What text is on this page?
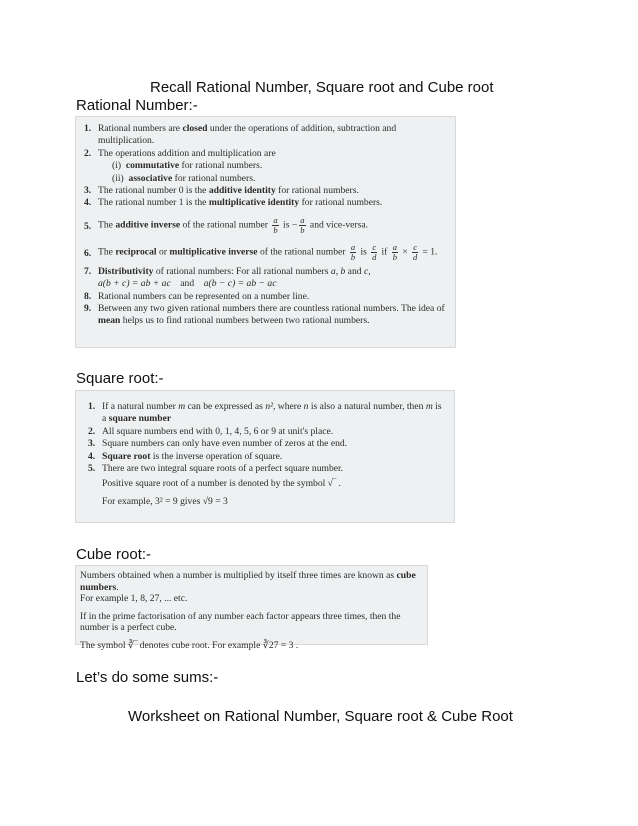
Recall Rational Number, Square root and Cube root
Rational Number:-
1. Rational numbers are closed under the operations of addition, subtraction and multiplication.
2. The operations addition and multiplication are
(i) commutative for rational numbers.
(ii) associative for rational numbers.
3. The rational number 0 is the additive identity for rational numbers.
4. The rational number 1 is the multiplicative identity for rational numbers.
5. The additive inverse of the rational number $\frac{a}{b}$ is − $\frac{a}{b}$ and vice-versa.
6. The reciprocal or multiplicative inverse of the rational number $\frac{a}{b}$ is $\frac{c}{d}$ if $\frac{a}{b} \times \frac{c}{d} = 1$.
7. Distributivity of rational numbers: For all rational numbers a, b and c,
a(b + c) = ab + ac and a(b − c) = ab − ac
8. Rational numbers can be represented on a number line.
9. Between any two given rational numbers there are countless rational numbers. The idea of mean helps us to find rational numbers between two rational numbers.
Square root:-
1. If a natural number m can be expressed as n², where n is also a natural number, then m is a square number
2. All square numbers end with 0, 1, 4, 5, 6 or 9 at unit's place.
3. Square numbers can only have even number of zeros at the end.
4. Square root is the inverse operation of square.
5. There are two integral square roots of a perfect square number.
Positive square root of a number is denoted by the symbol √‾ .
For example, 3² = 9 gives √9 = 3
Cube root:-

Numbers obtained when a number is multiplied by itself three times are known as cube numbers.

For example 1, 8, 27, ... etc.

If in the prime factorisation of any number each factor appears three times, then the number is a perfect cube.

The symbol ∛‾ denotes cube root. For example ∛27 = 3 .

Let’s do some sums:-
Worksheet on Rational Number, Square root & Cube Root
